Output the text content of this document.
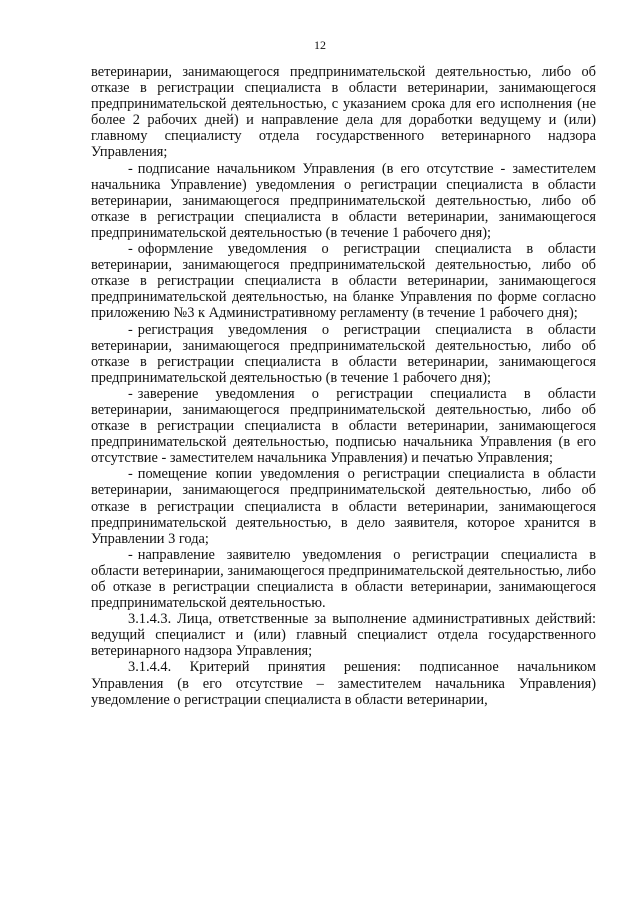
12

ветеринарии, занимающегося предпринимательской деятельностью, либо об отказе в регистрации специалиста в области ветеринарии, занимающегося предпринимательской деятельностью, с указанием срока для его исполнения (не более 2 рабочих дней) и направление дела для доработки ведущему и (или) главному специалисту отдела государственного ветеринарного надзора Управления;

- подписание начальником Управления (в его отсутствие - заместителем начальника Управление) уведомления о регистрации специалиста в области ветеринарии, занимающегося предпринимательской деятельностью, либо об отказе в регистрации специалиста в области ветеринарии, занимающегося предпринимательской деятельностью (в течение 1 рабочего дня);

- оформление уведомления о регистрации специалиста в области ветеринарии, занимающегося предпринимательской деятельностью, либо об отказе в регистрации специалиста в области ветеринарии, занимающегося предпринимательской деятельностью, на бланке Управления по форме согласно приложению №3 к Административному регламенту (в течение 1 рабочего дня);

- регистрация уведомления о регистрации специалиста в области ветеринарии, занимающегося предпринимательской деятельностью, либо об отказе в регистрации специалиста в области ветеринарии, занимающегося предпринимательской деятельностью (в течение 1 рабочего дня);

- заверение уведомления о регистрации специалиста в области ветеринарии, занимающегося предпринимательской деятельностью, либо об отказе в регистрации специалиста в области ветеринарии, занимающегося предпринимательской деятельностью, подписью начальника Управления (в его отсутствие - заместителем начальника Управления) и печатью Управления;

- помещение копии уведомления о регистрации специалиста в области ветеринарии, занимающегося предпринимательской деятельностью, либо об отказе в регистрации специалиста в области ветеринарии, занимающегося предпринимательской деятельностью, в дело заявителя, которое хранится в Управлении 3 года;

- направление заявителю уведомления о регистрации специалиста в области ветеринарии, занимающегося предпринимательской деятельностью, либо об отказе в регистрации специалиста в области ветеринарии, занимающегося предпринимательской деятельностью.

3.1.4.3. Лица, ответственные за выполнение административных действий: ведущий специалист и (или) главный специалист отдела государственного ветеринарного надзора Управления;

3.1.4.4. Критерий принятия решения: подписанное начальником Управления (в его отсутствие – заместителем начальника Управления) уведомление о регистрации специалиста в области ветеринарии,
